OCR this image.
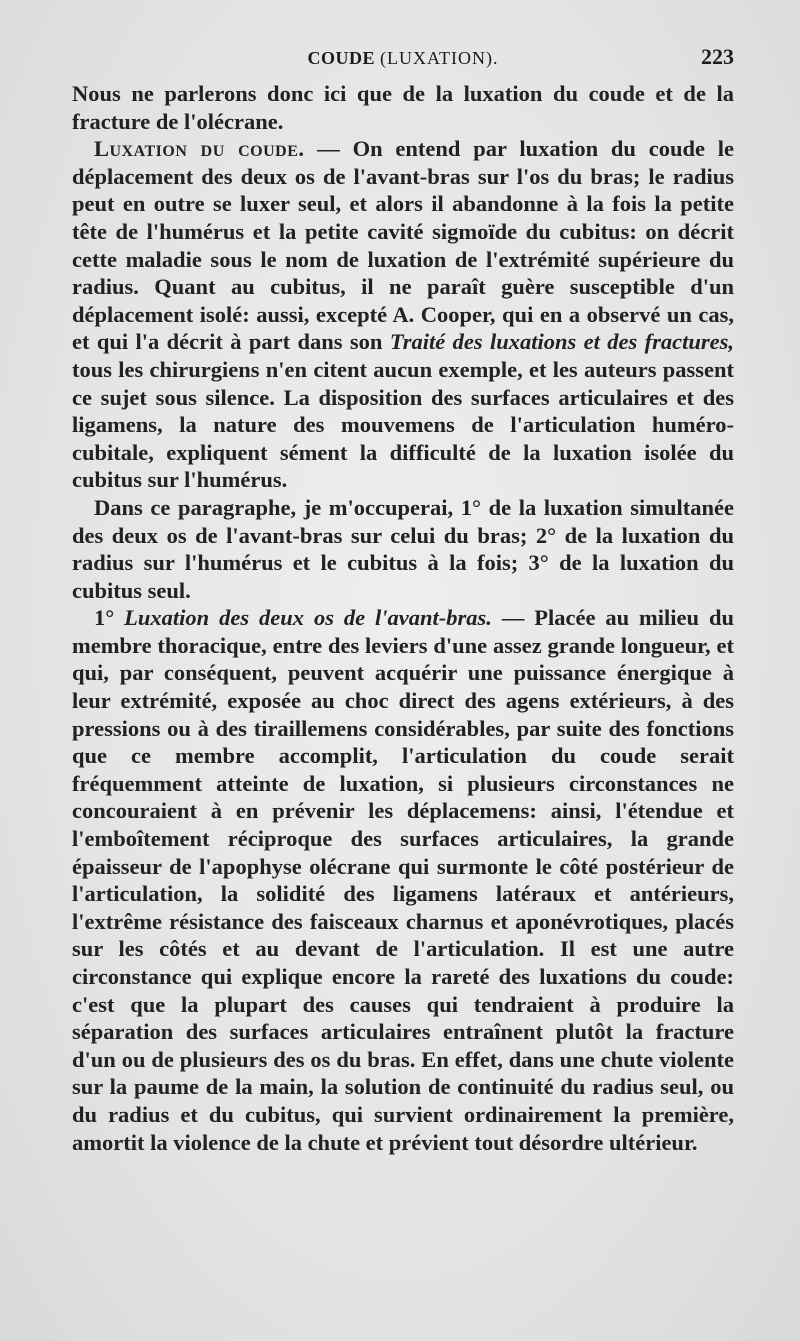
COUDE (LUXATION).	223

Nous ne parlerons donc ici que de la luxation du coude et de la fracture de l'olécrane.

Luxation du coude. — On entend par luxation du coude le déplacement des deux os de l'avant-bras sur l'os du bras; le radius peut en outre se luxer seul, et alors il abandonne à la fois la petite tête de l'humérus et la petite cavité sigmoïde du cubitus: on décrit cette maladie sous le nom de luxation de l'extrémité supérieure du radius. Quant au cubitus, il ne paraît guère susceptible d'un déplacement isolé: aussi, excepté A. Cooper, qui en a observé un cas, et qui l'a décrit à part dans son Traité des luxations et des fractures, tous les chirurgiens n'en citent aucun exemple, et les auteurs passent ce sujet sous silence. La disposition des surfaces articulaires et des ligamens, la nature des mouvemens de l'articulation huméro-cubitale, expliquent sément la difficulté de la luxation isolée du cubitus sur l'humérus.

Dans ce paragraphe, je m'occuperai, 1° de la luxation simultanée des deux os de l'avant-bras sur celui du bras; 2° de la luxation du radius sur l'humérus et le cubitus à la fois; 3° de la luxation du cubitus seul.

1° Luxation des deux os de l'avant-bras. — Placée au milieu du membre thoracique, entre des leviers d'une assez grande longueur, et qui, par conséquent, peuvent acquérir une puissance énergique à leur extrémité, exposée au choc direct des agens extérieurs, à des pressions ou à des tiraillemens considérables, par suite des fonctions que ce membre accomplit, l'articulation du coude serait fréquemment atteinte de luxation, si plusieurs circonstances ne concouraient à en prévenir les déplacemens: ainsi, l'étendue et l'emboîtement réciproque des surfaces articulaires, la grande épaisseur de l'apophyse olécrane qui surmonte le côté postérieur de l'articulation, la solidité des ligamens latéraux et antérieurs, l'extrême résistance des faisceaux charnus et aponévrotiques, placés sur les côtés et au devant de l'articulation. Il est une autre circonstance qui explique encore la rareté des luxations du coude: c'est que la plupart des causes qui tendraient à produire la séparation des surfaces articulaires entraînent plutôt la fracture d'un ou de plusieurs des os du bras. En effet, dans une chute violente sur la paume de la main, la solution de continuité du radius seul, ou du radius et du cubitus, qui survient ordinairement la première, amortit la violence de la chute et prévient tout désordre ultérieur.
